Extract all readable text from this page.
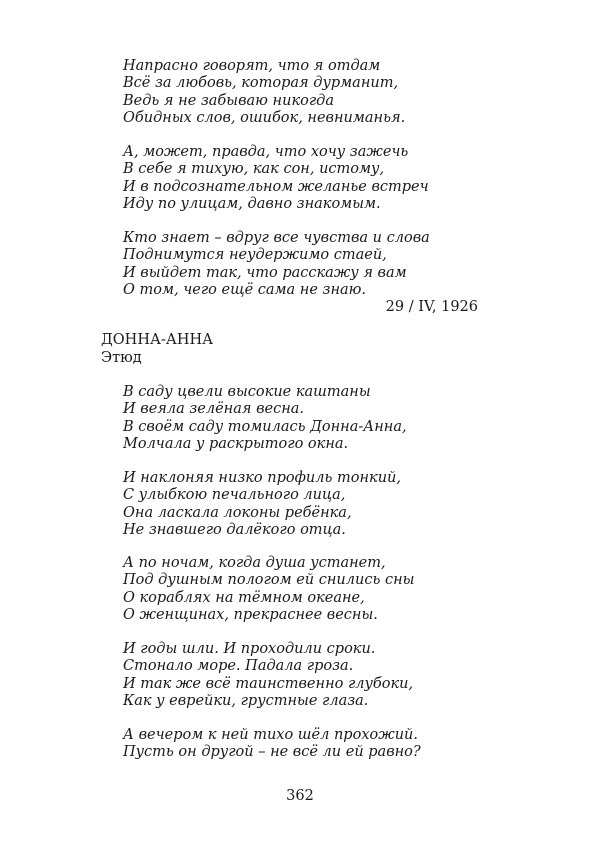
Напрасно говорят, что я отдам
Всё за любовь, которая дурманит,
Ведь я не забываю никогда
Обидных слов, ошибок, невниманья.
А, может, правда, что хочу зажечь
В себе я тихую, как сон, истому,
И в подсознательном желанье встреч
Иду по улицам, давно знакомым.
Кто знает – вдруг все чувства и слова
Поднимутся неудержимо стаей,
И выйдет так, что расскажу я вам
О том, чего ещё сама не знаю.
29 / IV, 1926
ДОННА-АННА
Этюд
В саду цвели высокие каштаны
И веяла зелёная весна.
В своём саду томилась Донна-Анна,
Молчала у раскрытого окна.
И наклоняя низко профиль тонкий,
С улыбкою печального лица,
Она ласкала локоны ребёнка,
Не знавшего далёкого отца.
А по ночам, когда душа устанет,
Под душным пологом ей снились сны
О кораблях на тёмном океане,
О женщинах, прекраснее весны.
И годы шли. И проходили сроки.
Стонало море. Падала гроза.
И так же всё таинственно глубоки,
Как у еврейки, грустные глаза.
А вечером к ней тихо шёл прохожий.
Пусть он другой – не всё ли ей равно?
362
